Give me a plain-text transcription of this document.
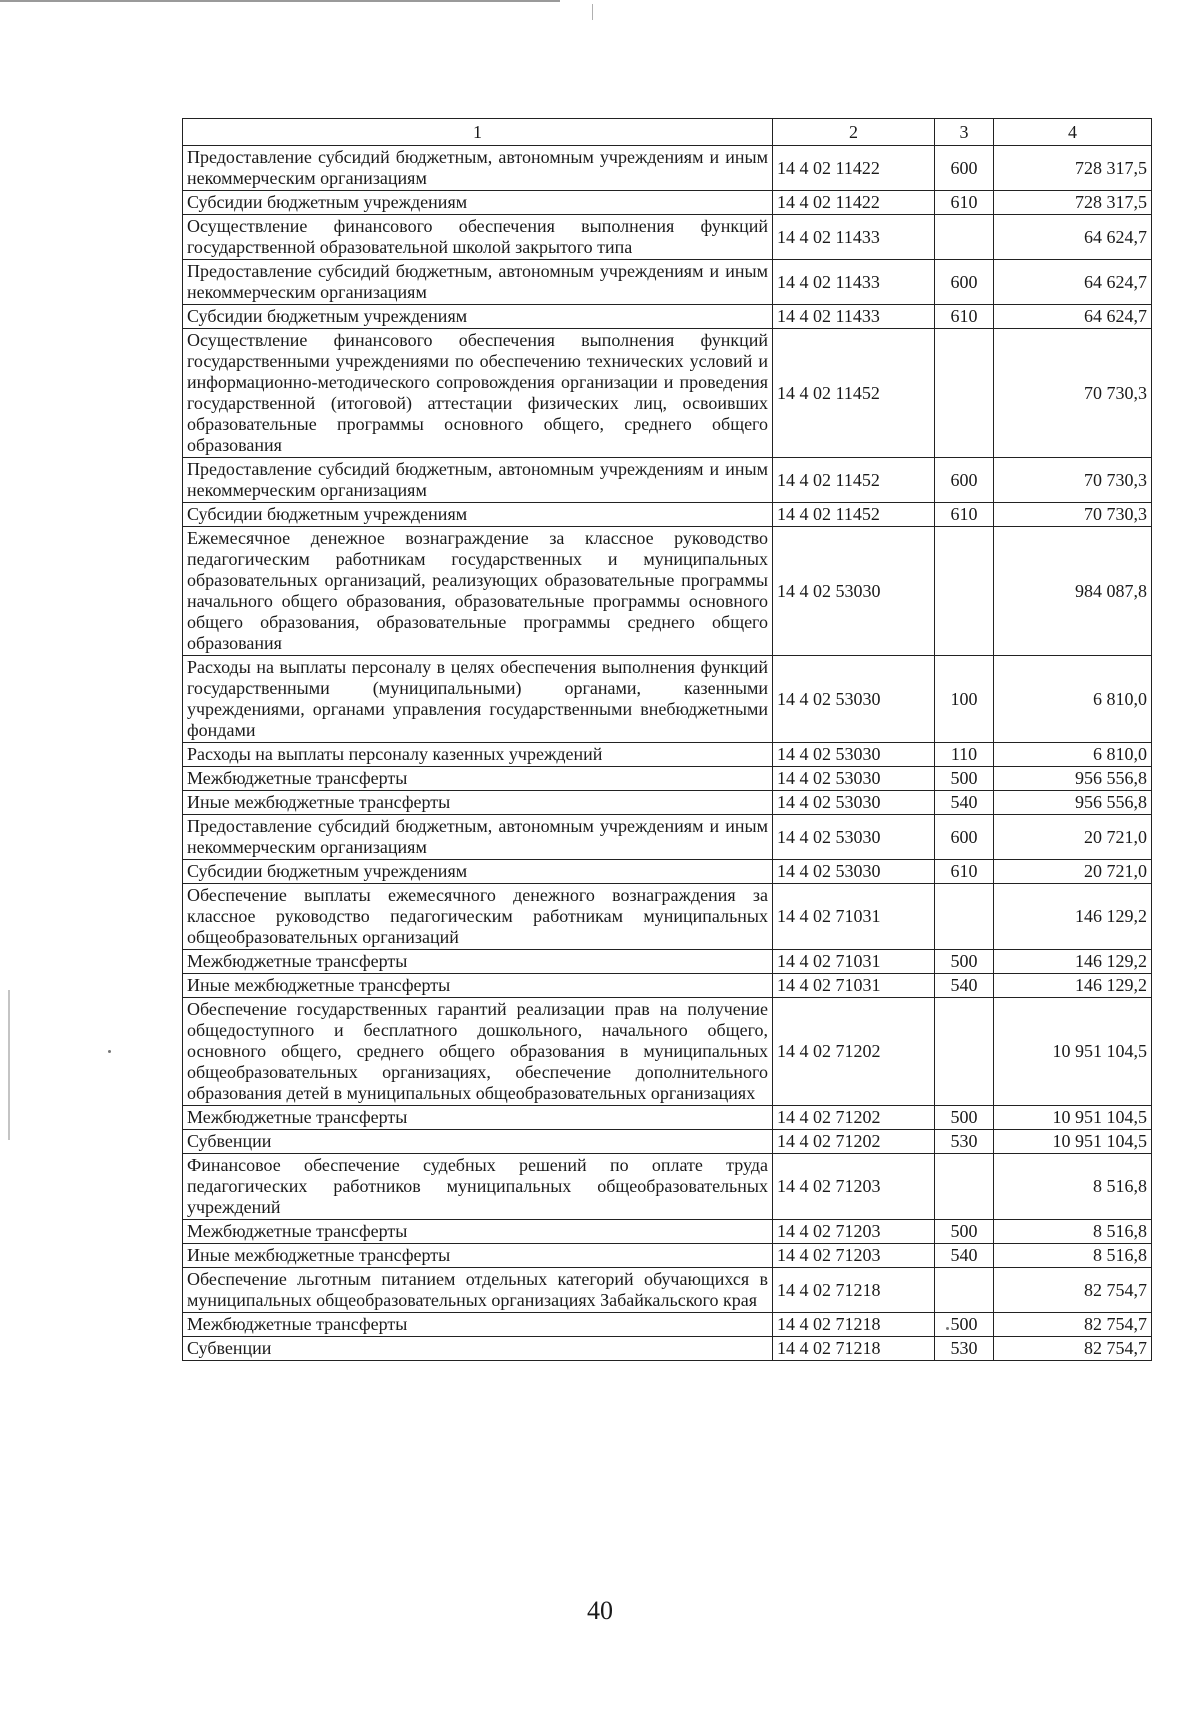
1	2	3	4
Предоставление субсидий бюджетным, автономным учреждениям и иным некоммерческим организациям	14 4 02 11422	600	728 317,5
Субсидии бюджетным учреждениям	14 4 02 11422	610	728 317,5
Осуществление финансового обеспечения выполнения функций государственной образовательной школой закрытого типа	14 4 02 11433		64 624,7
Предоставление субсидий бюджетным, автономным учреждениям и иным некоммерческим организациям	14 4 02 11433	600	64 624,7
Субсидии бюджетным учреждениям	14 4 02 11433	610	64 624,7
Осуществление финансового обеспечения выполнения функций государственными учреждениями по обеспечению технических условий и информационно-методического сопровождения организации и проведения государственной (итоговой) аттестации физических лиц, освоивших образовательные программы основного общего, среднего общего образования	14 4 02 11452		70 730,3
Предоставление субсидий бюджетным, автономным учреждениям и иным некоммерческим организациям	14 4 02 11452	600	70 730,3
Субсидии бюджетным учреждениям	14 4 02 11452	610	70 730,3
Ежемесячное денежное вознаграждение за классное руководство педагогическим работникам государственных и муниципальных образовательных организаций, реализующих образовательные программы начального общего образования, образовательные программы основного общего образования, образовательные программы среднего общего образования	14 4 02 53030		984 087,8
Расходы на выплаты персоналу в целях обеспечения выполнения функций государственными (муниципальными) органами, казенными учреждениями, органами управления государственными внебюджетными фондами	14 4 02 53030	100	6 810,0
Расходы на выплаты персоналу казенных учреждений	14 4 02 53030	110	6 810,0
Межбюджетные трансферты	14 4 02 53030	500	956 556,8
Иные межбюджетные трансферты	14 4 02 53030	540	956 556,8
Предоставление субсидий бюджетным, автономным учреждениям и иным некоммерческим организациям	14 4 02 53030	600	20 721,0
Субсидии бюджетным учреждениям	14 4 02 53030	610	20 721,0
Обеспечение выплаты ежемесячного денежного вознаграждения за классное руководство педагогическим работникам муниципальных общеобразовательных организаций	14 4 02 71031		146 129,2
Межбюджетные трансферты	14 4 02 71031	500	146 129,2
Иные межбюджетные трансферты	14 4 02 71031	540	146 129,2
Обеспечение государственных гарантий реализации прав на получение общедоступного и бесплатного дошкольного, начального общего, основного общего, среднего общего образования в муниципальных общеобразовательных организациях, обеспечение дополнительного образования детей в муниципальных общеобразовательных организациях	14 4 02 71202		10 951 104,5
Межбюджетные трансферты	14 4 02 71202	500	10 951 104,5
Субвенции	14 4 02 71202	530	10 951 104,5
Финансовое обеспечение судебных решений по оплате труда педагогических работников муниципальных общеобразовательных учреждений	14 4 02 71203		8 516,8
Межбюджетные трансферты	14 4 02 71203	500	8 516,8
Иные межбюджетные трансферты	14 4 02 71203	540	8 516,8
Обеспечение льготным питанием отдельных категорий обучающихся в муниципальных общеобразовательных организациях Забайкальского края	14 4 02 71218		82 754,7
Межбюджетные трансферты	14 4 02 71218	500	82 754,7
Субвенции	14 4 02 71218	530	82 754,7
40
